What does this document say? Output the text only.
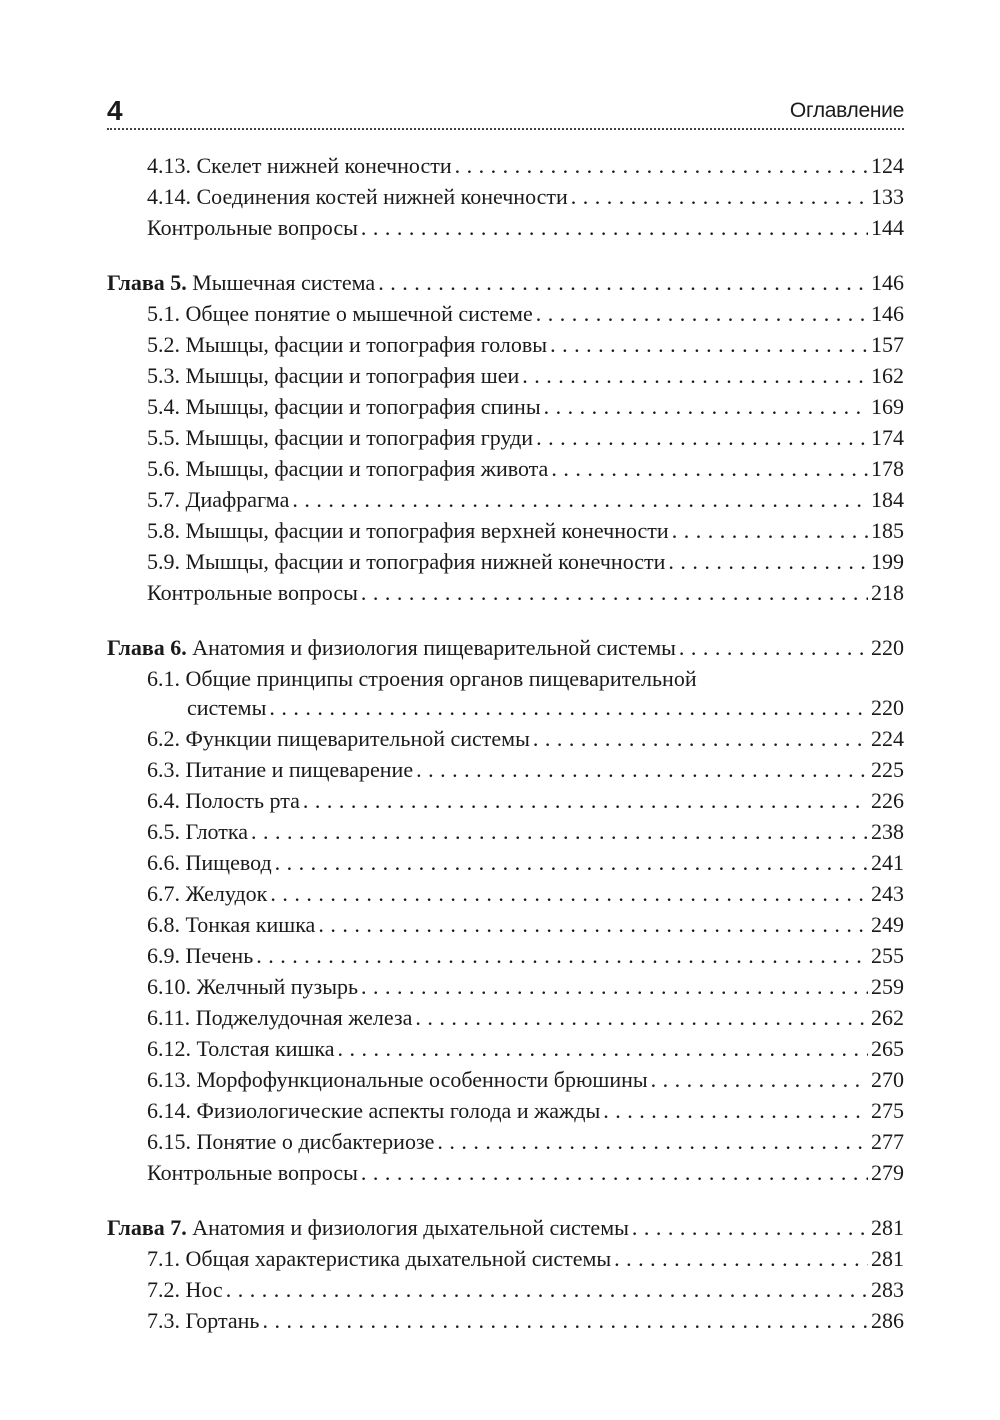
4	Оглавление
4.13. Скелет нижней конечности . . .	124
4.14. Соединения костей нижней конечности . . .	133
Контрольные вопросы . . .	144
Глава 5. Мышечная система . . .	146
5.1. Общее понятие о мышечной системе . . .	146
5.2. Мышцы, фасции и топография головы . . .	157
5.3. Мышцы, фасции и топография шеи . . .	162
5.4. Мышцы, фасции и топография спины . . .	169
5.5. Мышцы, фасции и топография груди . . .	174
5.6. Мышцы, фасции и топография живота . . .	178
5.7. Диафрагма . . .	184
5.8. Мышцы, фасции и топография верхней конечности . . .	185
5.9. Мышцы, фасции и топография нижней конечности . . .	199
Контрольные вопросы . . .	218
Глава 6. Анатомия и физиология пищеварительной системы . . .	220
6.1. Общие принципы строения органов пищеварительной
системы . . .	220
6.2. Функции пищеварительной системы . . .	224
6.3. Питание и пищеварение . . .	225
6.4. Полость рта . . .	226
6.5. Глотка . . .	238
6.6. Пищевод . . .	241
6.7. Желудок . . .	243
6.8. Тонкая кишка . . .	249
6.9. Печень . . .	255
6.10. Желчный пузырь . . .	259
6.11. Поджелудочная железа . . .	262
6.12. Толстая кишка . . .	265
6.13. Морфофункциональные особенности брюшины . . .	270
6.14. Физиологические аспекты голода и жажды . . .	275
6.15. Понятие о дисбактериозе . . .	277
Контрольные вопросы . . .	279
Глава 7. Анатомия и физиология дыхательной системы . . .	281
7.1. Общая характеристика дыхательной системы . . .	281
7.2. Нос . . .	283
7.3. Гортань . . .	286
